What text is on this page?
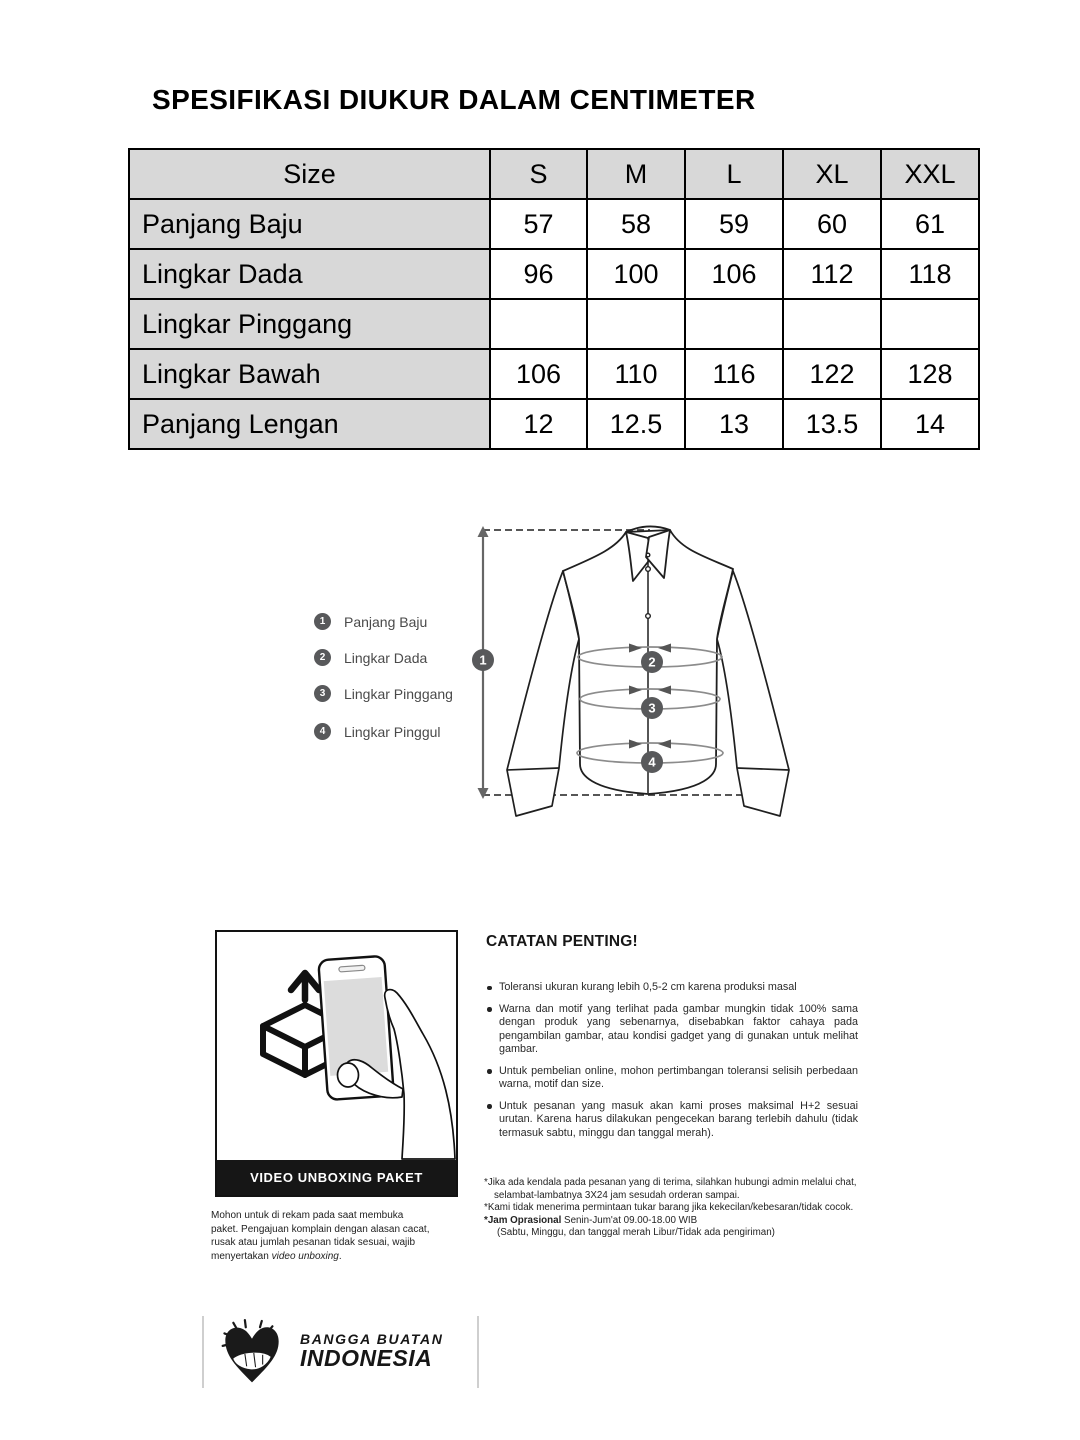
SPESIFIKASI DIUKUR DALAM CENTIMETER
Size	S	M	L	XL	XXL
Panjang Baju	57	58	59	60	61
Lingkar Dada	96	100	106	112	118
Lingkar Pinggang					
Lingkar Bawah	106	110	116	122	128
Panjang Lengan	12	12.5	13	13.5	14
1	Panjang Baju
2	Lingkar Dada
3	Lingkar Pinggang
4	Lingkar Pinggul
1	2
3
4
VIDEO UNBOXING PAKET
CATATAN PENTING!
Toleransi ukuran kurang lebih 0,5-2 cm karena produksi masal
Warna dan motif yang terlihat pada gambar mungkin tidak 100% sama dengan produk yang sebenarnya, disebabkan faktor cahaya pada pengambilan gambar, atau kondisi gadget yang di gunakan untuk melihat gambar.
Untuk pembelian online, mohon pertimbangan toleransi selisih perbedaan warna, motif dan size.
Untuk pesanan yang masuk akan kami proses maksimal H+2 sesuai urutan. Karena harus dilakukan pengecekan barang terlebih dahulu (tidak termasuk sabtu, minggu dan tanggal merah).

*Jika ada kendala pada pesanan yang di terima, silahkan hubungi admin melalui chat,
selambat-lambatnya 3X24 jam sesudah orderan sampai.

*Kami tidak menerima permintaan tukar barang jika kekecilan/kebesaran/tidak cocok.

*Jam Oprasional Senin-Jum'at 09.00-18.00 WIB

(Sabtu, Minggu, dan tanggal merah Libur/Tidak ada pengiriman)

Mohon untuk di rekam pada saat membuka paket. Pengajuan komplain dengan alasan cacat, rusak atau jumlah pesanan tidak sesuai, wajib menyertakan video unboxing.

BANGGA BUATAN
INDONESIA
